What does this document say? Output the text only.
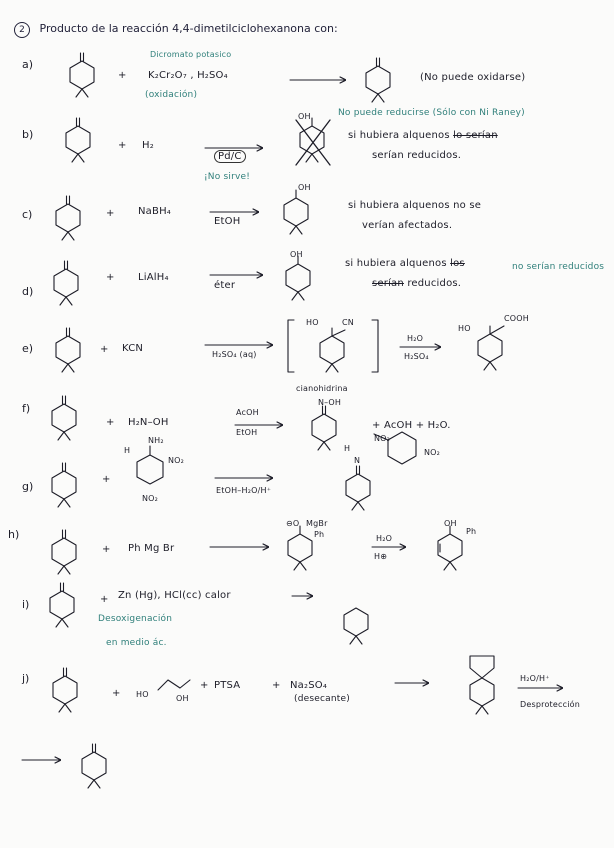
2 Producto de la reacción 4,4-dimetilciclohexanona con:
a)
+
Dicromato potasico
K₂Cr₂O₇ , H₂SO₄
(oxidación)
(No puede oxidarse)
b)
+ H₂
Pd/C
¡No sirve!
OH	No puede reducirse (Sólo con Ni Raney)
si hubiera alquenos lo serían
serían reducidos.
c)	+ NaBH₄
EtOH
OH
si hubiera alquenos no se
verían afectados.
d)
+ LiAlH₄
éter
OH
si hubiera alquenos los	no serían reducidos
serían reducidos.
e)	+ KCN
H₂SO₄ (aq)
HO	CN
cianohidrina
H₂O
H₂SO₄
HO
COOH
f)
+ H₂N–OH
AcOH
EtOH
N–OH
+ AcOH + H₂O.
g)
+
NH₂
H
NO₂
NO₂
EtOH–H₂O/H⁺
NO₂
NO₂
H
N
h)
+ Ph Mg Br
⊖O MgBr
Ph	H₂O
H⊕
OH
Ph
i)	+ Zn (Hg), HCl(cc) calor
Desoxigenación
en medio ác.
j)
+ HO	OH
+ PTSA	+ Na₂SO₄
(desecante)
H₂O/H⁺
Desprotección
